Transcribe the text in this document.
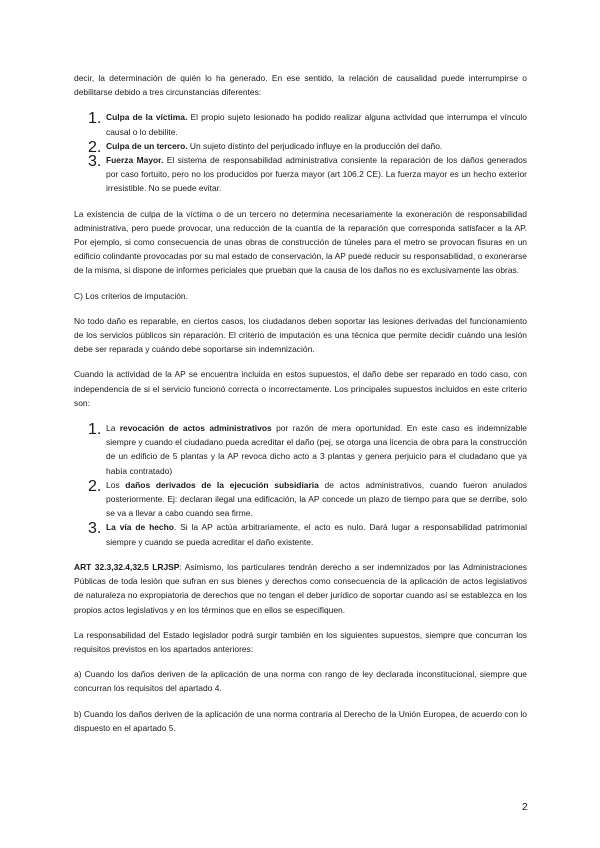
decir, la determinación de quién lo ha generado. En ese sentido, la relación de causalidad puede interrumpirse o debilitarse debido a tres circunstancias diferentes:

1. Culpa de la víctima. El propio sujeto lesionado ha podido realizar alguna actividad que interrumpa el vínculo causal o lo debilite.

2. Culpa de un tercero. Un sujeto distinto del perjudicado influye en la producción del daño.

3. Fuerza Mayor. El sistema de responsabilidad administrativa consiente la reparación de los daños generados por caso fortuito, pero no los producidos por fuerza mayor (art 106.2 CE). La fuerza mayor es un hecho exterior irresistible. No se puede evitar.

La existencia de culpa de la víctima o de un tercero no determina necesariamente la exoneración de responsabilidad administrativa, pero puede provocar, una reducción de la cuantía de la reparación que corresponda satisfacer a la AP. Por ejemplo, si como consecuencia de unas obras de construcción de túneles para el metro se provocan fisuras en un edificio colindante provocadas por su mal estado de conservación, la AP puede reducir su responsabilidad, o exonerarse de la misma, si dispone de informes periciales que prueban que la causa de los daños no es exclusivamente las obras.

C) Los criterios de imputación.

No todo daño es reparable, en ciertos casos, los ciudadanos deben soportar las lesiones derivadas del funcionamiento de los servicios públicos sin reparación. El criterio de imputación es una técnica que permite decidir cuándo una lesión debe ser reparada y cuándo debe soportarse sin indemnización.

Cuando la actividad de la AP se encuentra incluida en estos supuestos, el daño debe ser reparado en todo caso, con independencia de si el servicio funcionó correcta o incorrectamente. Los principales supuestos incluidos en este criterio son:

1. La revocación de actos administrativos por razón de mera oportunidad. En este caso es indemnizable siempre y cuando el ciudadano pueda acreditar el daño (pej, se otorga una licencia de obra para la construcción de un edificio de 5 plantas y la AP revoca dicho acto a 3 plantas y genera perjuicio para el ciudadano que ya había contratado)

2. Los daños derivados de la ejecución subsidiaria de actos administrativos, cuando fueron anulados posteriormente. Ej: declaran ilegal una edificación, la AP concede un plazo de tiempo para que se derribe, solo se va a llevar a cabo cuando sea firme.

3. La vía de hecho. Si la AP actúa arbitrariamente, el acto es nulo. Dará lugar a responsabilidad patrimonial siempre y cuando se pueda acreditar el daño existente.

ART 32.3,32.4,32.5 LRJSP: Asimismo, los particulares tendrán derecho a ser indemnizados por las Administraciones Públicas de toda lesión que sufran en sus bienes y derechos como consecuencia de la aplicación de actos legislativos de naturaleza no expropiatoria de derechos que no tengan el deber jurídico de soportar cuando así se establezca en los propios actos legislativos y en los términos que en ellos se especifiquen.

La responsabilidad del Estado legislador podrá surgir también en los siguientes supuestos, siempre que concurran los requisitos previstos en los apartados anteriores:

a) Cuando los daños deriven de la aplicación de una norma con rango de ley declarada inconstitucional, siempre que concurran los requisitos del apartado 4.

b) Cuando los daños deriven de la aplicación de una norma contraria al Derecho de la Unión Europea, de acuerdo con lo dispuesto en el apartado 5.

2
